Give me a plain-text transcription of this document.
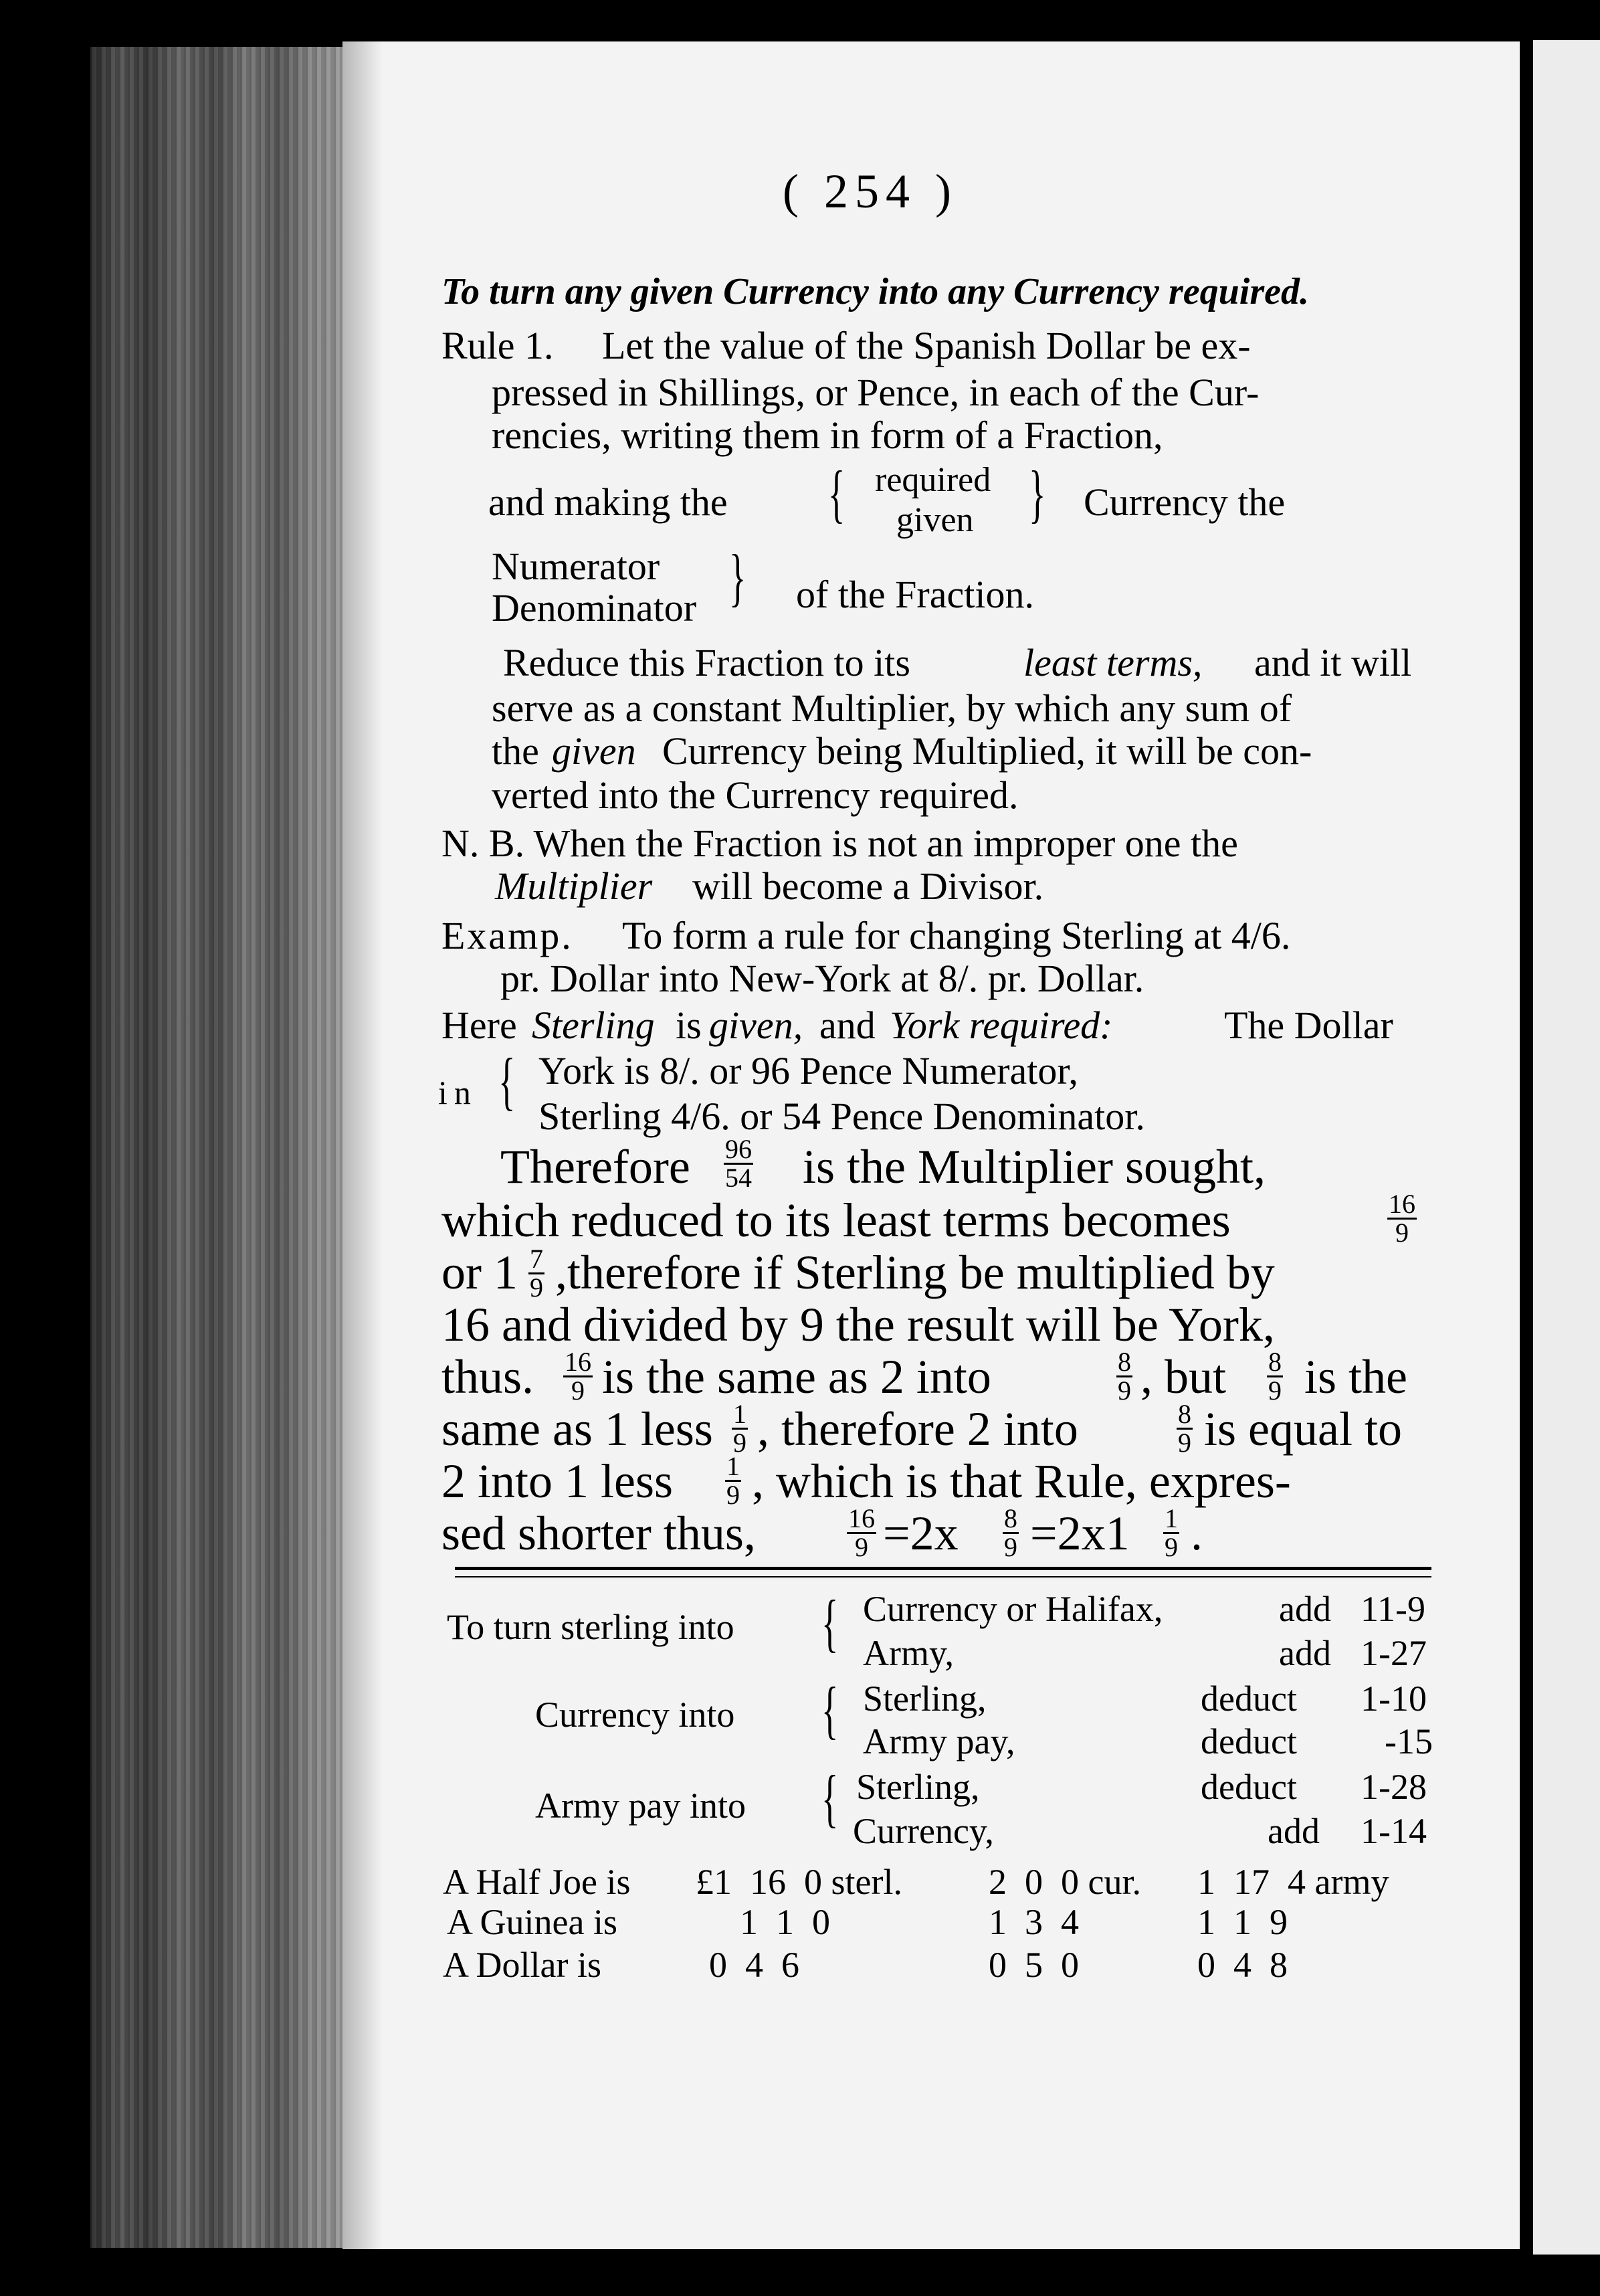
( 254 )
To turn any given Currency into any Currency required.
Rule 1. Let the value of the Spanish Dollar be ex-
pressed in Shillings, or Pence, in each of the Cur-
rencies, writing them in form of a Fraction,
and making the { required
given } Currency the
Numerator
Denominator } of the Fraction.
Reduce this Fraction to its	least terms, and it will
serve as a constant Multiplier, by which any sum of
the given Currency being Multiplied, it will be con-
verted into the Currency required.
N. B. When the Fraction is not an improper one the
Multiplier will become a Divisor.
Examp. To form a rule for changing Sterling at 4/6.
pr. Dollar into New-York at 8/. pr. Dollar.
Here Sterling is given, and York required:	The Dollar
in { York is 8/. or 96 Pence Numerator,
Sterling 4/6. or 54 Pence Denominator.
Therefore $\frac{96}{54}$ is the Multiplier sought,
which reduced to its least terms becomes	$\frac{16}{9}$
or $1 \frac{7}{9}$ ,therefore if Sterling be multiplied by
16 and divided by 9 the result will be York,
thus. $\frac{16}{9}$ is the same as 2 into	$\frac{8}{9}$ , but $\frac{8}{9}$ is the
same as 1 less $\frac{1}{9}$ , therefore 2 into	$\frac{8}{9}$ is equal to
2 into 1 less $\frac{1}{9}$ , which is that Rule, expres-
sed shorter thus,	$\frac{16}{9} =2x \frac{8}{9} =2x1 \frac{1}{9}$ .
To turn sterling into { Currency or Halifax,	add 11-9
Army,	add 1-27
Currency into { Sterling,	deduct 1-10
Army pay,	deduct -15
Army pay into { Sterling,	deduct 1-28
Currency,	add 1-14
A Half Joe is £1  16  0 sterl. 2  0  0 cur. 1  17  4 army
A Guinea is	1  1  0	1  3  4	1  1  9
A Dollar is	0  4  6	0  5  0	0  4  8
